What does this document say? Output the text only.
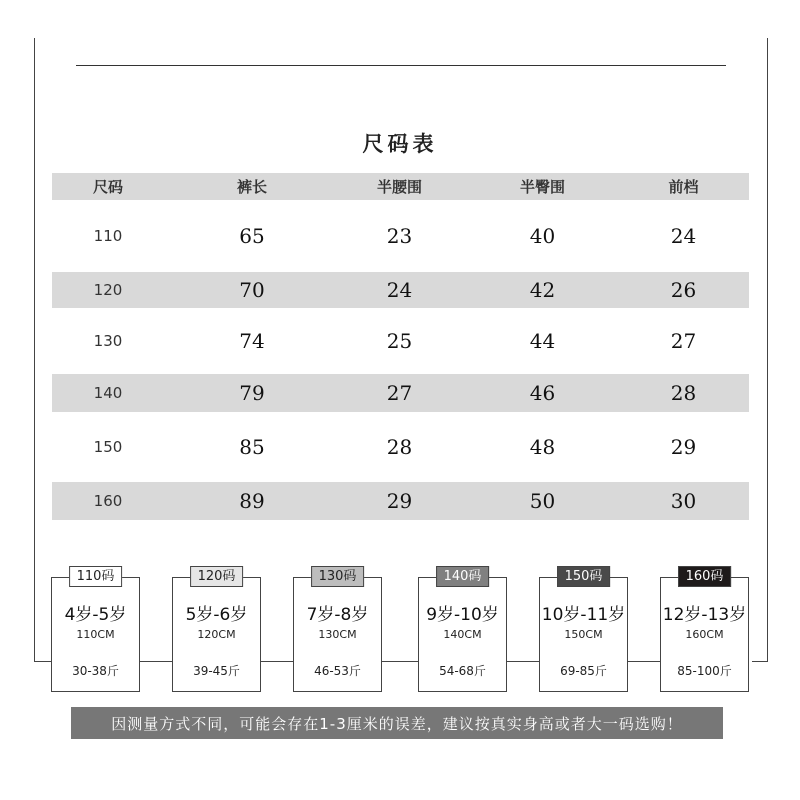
尺码表
尺码	裤长	半腰围	半臀围	前档
110	65	23	40	24
120	70	24	42	26
130	74	25	44	27
140	79	27	46	28
150	85	28	48	29
160	89	29	50	30
110码
4岁-5岁
110CM
30-38斤
120码
5岁-6岁
120CM
39-45斤
130码
7岁-8岁
130CM
46-53斤
140码
9岁-10岁
140CM
54-68斤
150码
10岁-11岁
150CM
69-85斤
160码
12岁-13岁
160CM
85-100斤
因测量方式不同，可能会存在1-3厘米的误差，建议按真实身高或者大一码选购！
